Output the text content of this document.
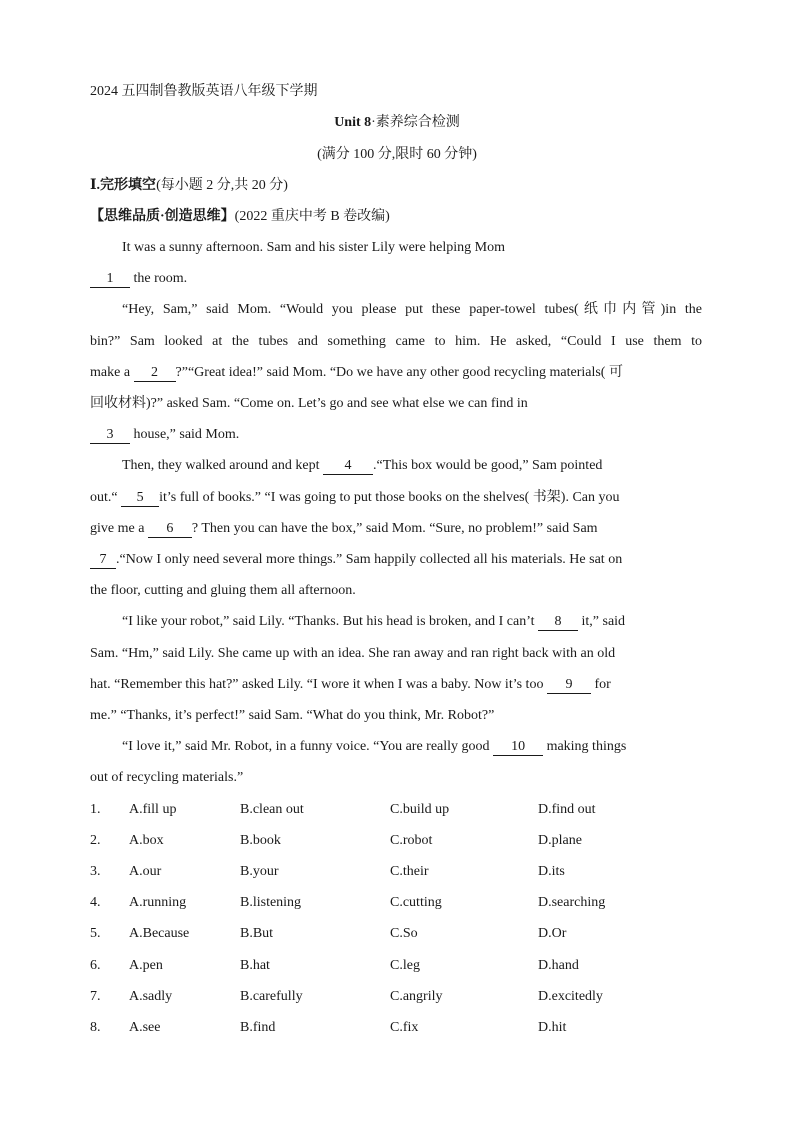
2024 五四制鲁教版英语八年级下学期
Unit 8·素养综合检测
(满分 100 分,限时 60 分钟)
Ⅰ.完形填空(每小题 2 分,共 20 分)
【思维品质·创造思维】(2022 重庆中考 B 卷改编)
It was a sunny afternoon. Sam and his sister Lily were helping Mom
1 the room.
“Hey, Sam,” said Mom. “Would you please put these paper-towel tubes(纸巾内管)in the
bin?” Sam looked at the tubes and something came to him. He asked, “Could I use them to
make a 2 ?”“Great idea!” said Mom. “Do we have any other good recycling materials( 可
回收材料)?” asked Sam. “Come on. Let’s go and see what else we can find in
3 house,” said Mom.
Then, they walked around and kept 4 .“This box would be good,” Sam pointed
out.“ 5 it’s full of books.” “I was going to put those books on the shelves( 书架). Can you
give me a 6 ? Then you can have the box,” said Mom. “Sure, no problem!” said Sam
7 .“Now I only need several more things.” Sam happily collected all his materials. He sat on
the floor, cutting and gluing them all afternoon.
“I like your robot,” said Lily. “Thanks. But his head is broken, and I can’t 8 it,” said
Sam. “Hm,” said Lily. She came up with an idea. She ran away and ran right back with an old
hat. “Remember this hat?” asked Lily. “I wore it when I was a baby. Now it’s too 9 for
me.” “Thanks, it’s perfect!” said Sam. “What do you think, Mr. Robot?”
“I love it,” said Mr. Robot, in a funny voice. “You are really good 10 making things
out of recycling materials.”
1. A.fill up	B.clean out	C.build up	D.find out
2. A.box	B.book	C.robot	D.plane
3. A.our	B.your	C.their	D.its
4. A.running	B.listening	C.cutting	D.searching
5. A.Because	B.But	C.So	D.Or
6. A.pen	B.hat	C.leg	D.hand
7. A.sadly	B.carefully	C.angrily	D.excitedly
8. A.see	B.find	C.fix	D.hit
